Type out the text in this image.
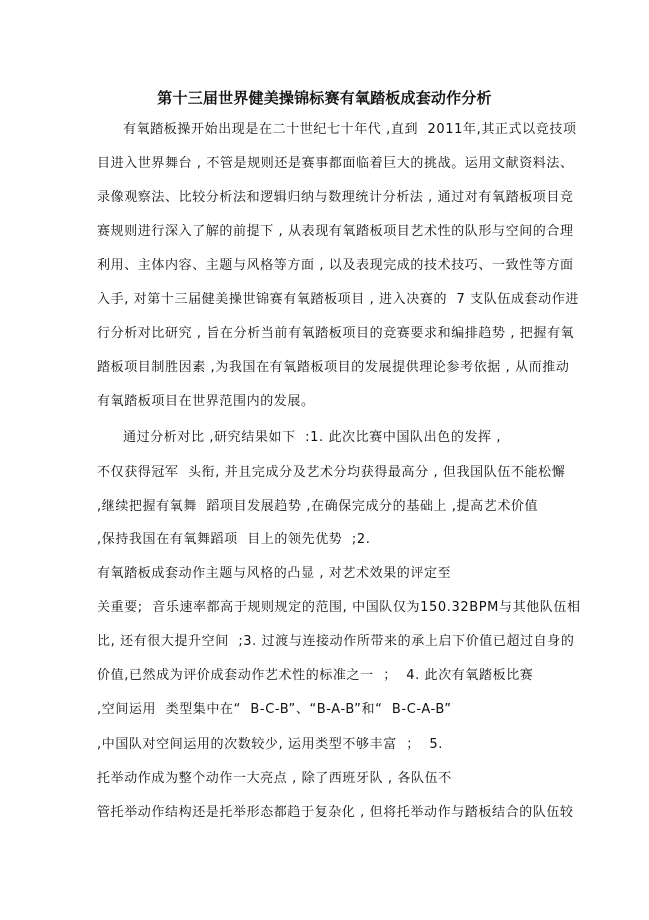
第十三届世界健美操锦标赛有氧踏板成套动作分析
有氧踏板操开始出现是在二十世纪七十年代 ,直到  2011年,其正式以竞技项
目进入世界舞台 , 不管是规则还是赛事都面临着巨大的挑战。运用文献资料法、
录像观察法、比较分析法和逻辑归纳与数理统计分析法 , 通过对有氧踏板项目竞
赛规则进行深入了解的前提下 , 从表现有氧踏板项目艺术性的队形与空间的合理
利用、主体内容、主题与风格等方面 , 以及表现完成的技术技巧、一致性等方面
入手, 对第十三届健美操世锦赛有氧踏板项目 , 进入决赛的  7 支队伍成套动作进
行分析对比研究 , 旨在分析当前有氧踏板项目的竞赛要求和编排趋势 , 把握有氧
踏板项目制胜因素 ,为我国在有氧踏板项目的发展提供理论参考依据 , 从而推动
有氧踏板项目在世界范围内的发展。
通过分析对比 ,研究结果如下  :1. 此次比赛中国队出色的发挥 ,
不仅获得冠军  头衔, 并且完成分及艺术分均获得最高分 , 但我国队伍不能松懈
,继续把握有氧舞  蹈项目发展趋势 ,在确保完成分的基础上 ,提高艺术价值
,保持我国在有氧舞蹈项  目上的领先优势  ;2.
有氧踏板成套动作主题与风格的凸显 , 对艺术效果的评定至
关重要;  音乐速率都高于规则规定的范围, 中国队仅为150.32BPM与其他队伍相
比, 还有很大提升空间  ;3. 过渡与连接动作所带来的承上启下价值已超过自身的
价值,已然成为评价成套动作艺术性的标准之一  ；  4. 此次有氧踏板比赛
,空间运用  类型集中在“  B-C-B”、“B-A-B”和“  B-C-A-B”
,中国队对空间运用的次数较少, 运用类型不够丰富  ；  5.
托举动作成为整个动作一大亮点 , 除了西班牙队 , 各队伍不
管托举动作结构还是托举形态都趋于复杂化 , 但将托举动作与踏板结合的队伍较
